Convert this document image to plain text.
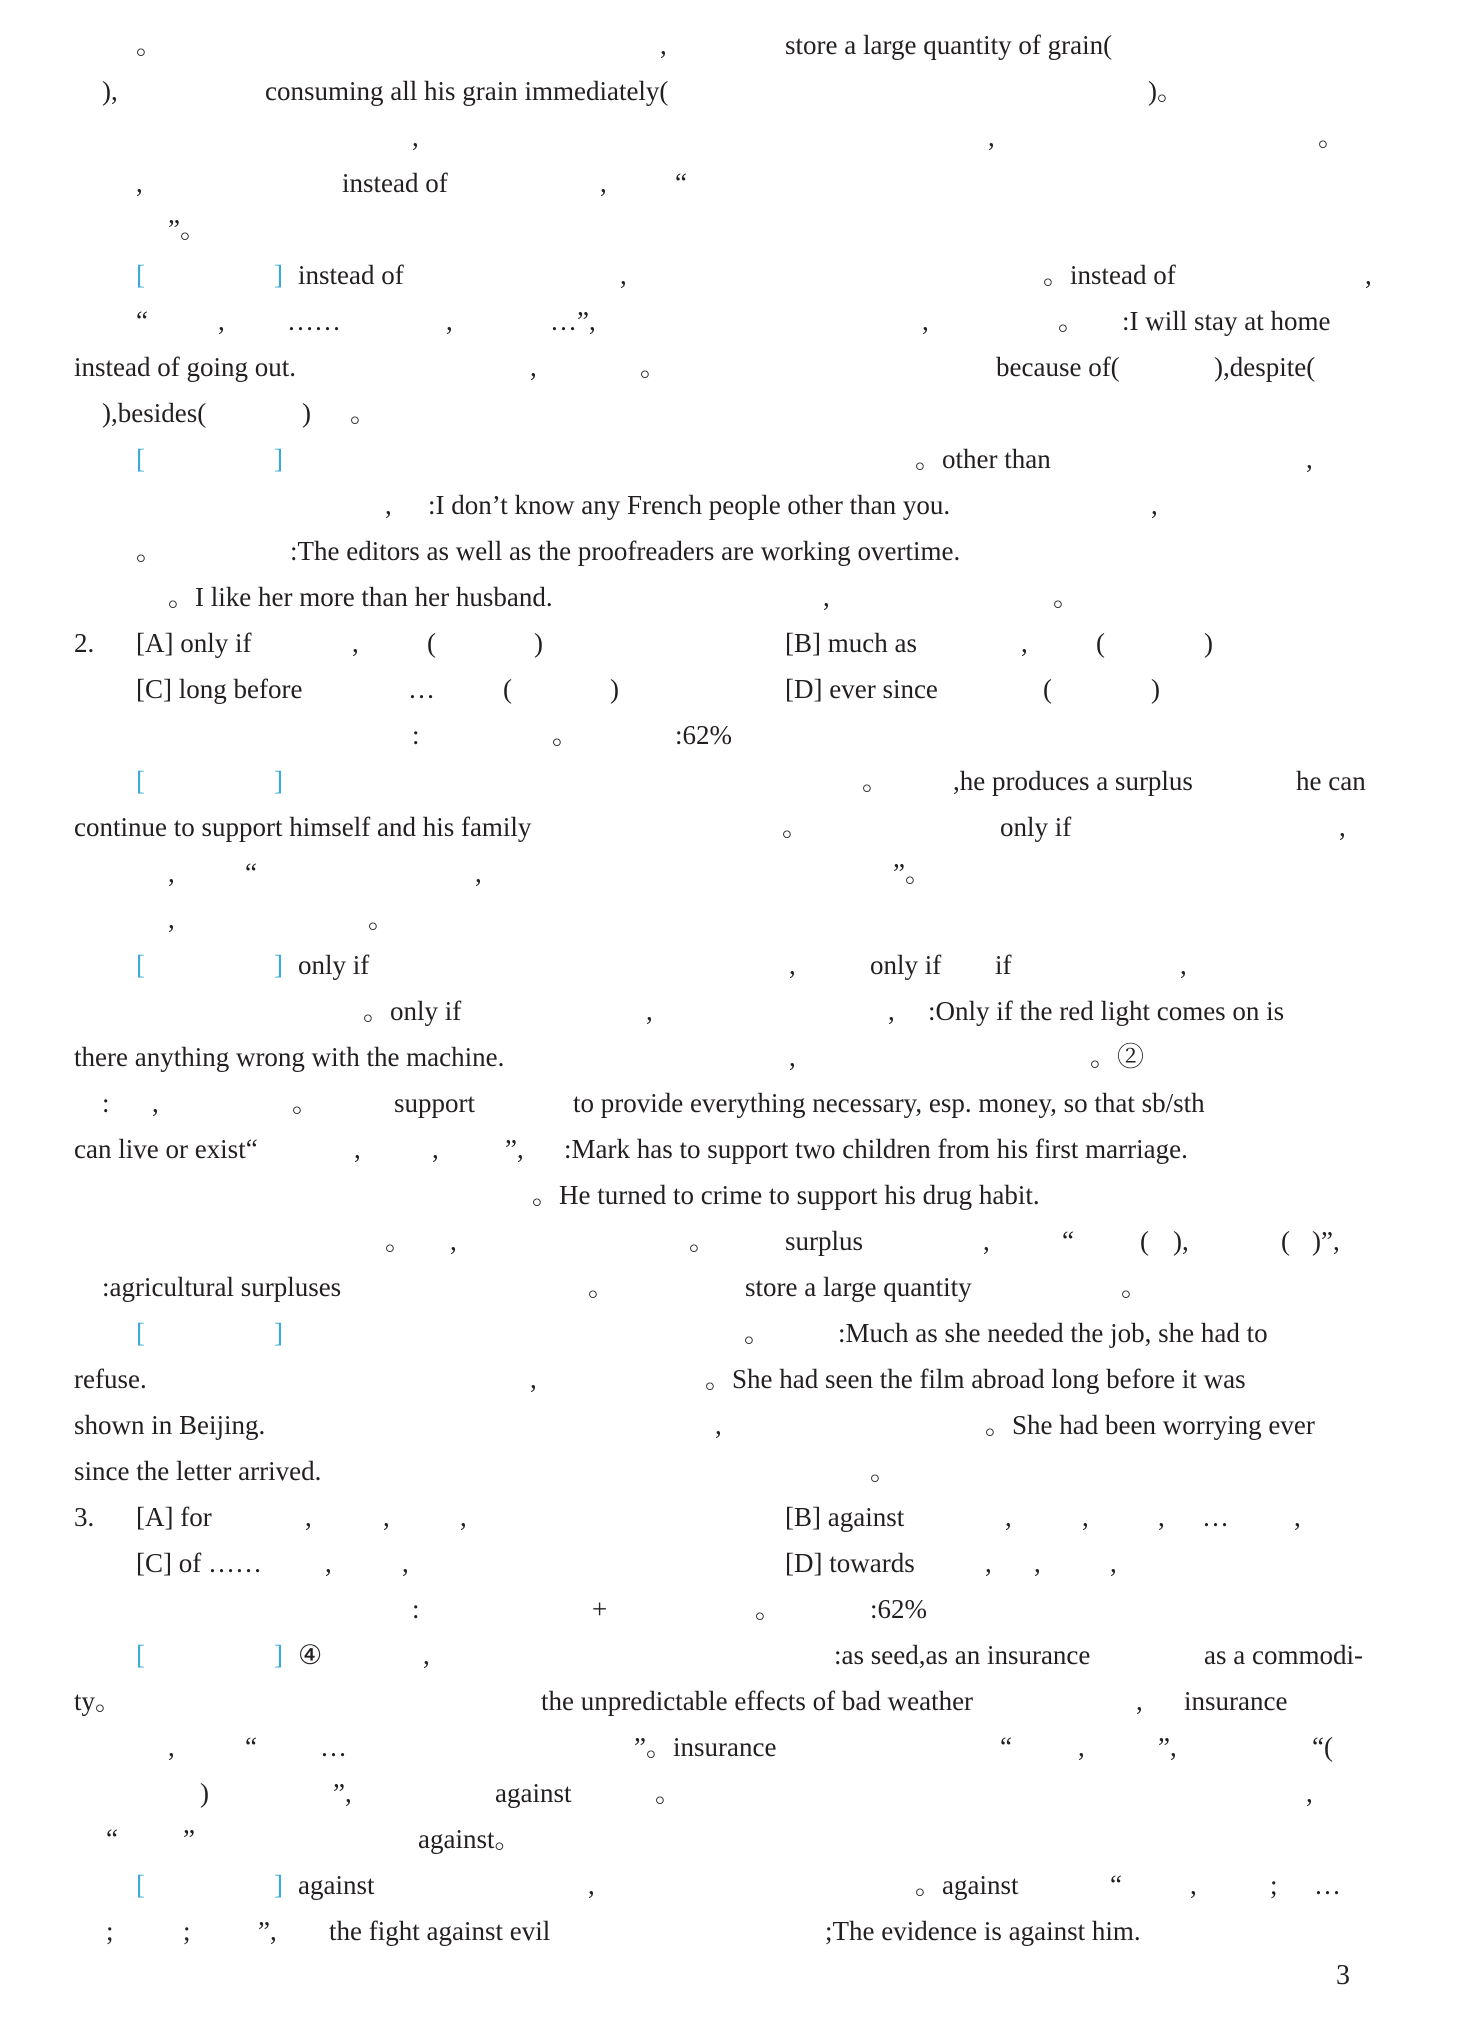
。	,	store a large quantity of grain(
),	consuming all his grain immediately(	)。
,	,	。
,	instead of	,	“
”。
[	] instead of	,	。instead of	,
“	, ……	,	…”,	,	。 :I will stay at home
instead of going out.	,	。	because of(	),despite(
),besides(	) 。
[	]	。other than	,
, :I don’t know any French people other than you.	,
。	:The editors as well as the proofreaders are working overtime.
。I like her more than her husband.	,	。
2. [A] only if	,	(	)	[B] much as	,	(	)
[C] long before	…	(	)	[D] ever since	(	)
:	。	:62%
[	]	。 ,he produces a surplus	he can
continue to support himself and his family	。	only if	,
,	“	,	”。
,	。
[	] only if	,	only if if	,
。only if	,	, :Only if the red light comes on is
there anything wrong with the machine.	,	。②
: ,	。	support	to provide everything necessary, esp. money, so that sb/sth
can live or exist“	,	, ”, :Mark has to support two children from his first marriage.
。He turned to crime to support his drug habit.
。 ,	。	surplus	,	“ ( ),	( )”,
:agricultural surpluses	。	store a large quantity	。
[	]	。 :Much as she needed the job, she had to
refuse.	,	。She had seen the film abroad long before it was
shown in Beijing.	,	。She had been worrying ever
since the letter arrived.	。
3. [A] for	,	,	,	[B] against	,	,	, … ,
[C] of …… ,	,	[D] towards	, ,	,
:	+	。	:62%
[	] ④	,	:as seed,as an insurance	as a commodi-
ty。	the unpredictable effects of bad weather	, insurance
,	“ …	”。insurance	“ ,	”,	“(
)	”,	against	。	,
“ ”	against。
[	] against	,	。against	“	,	; …
;	; ”, the fight against evil	;The evidence is against him.
3
